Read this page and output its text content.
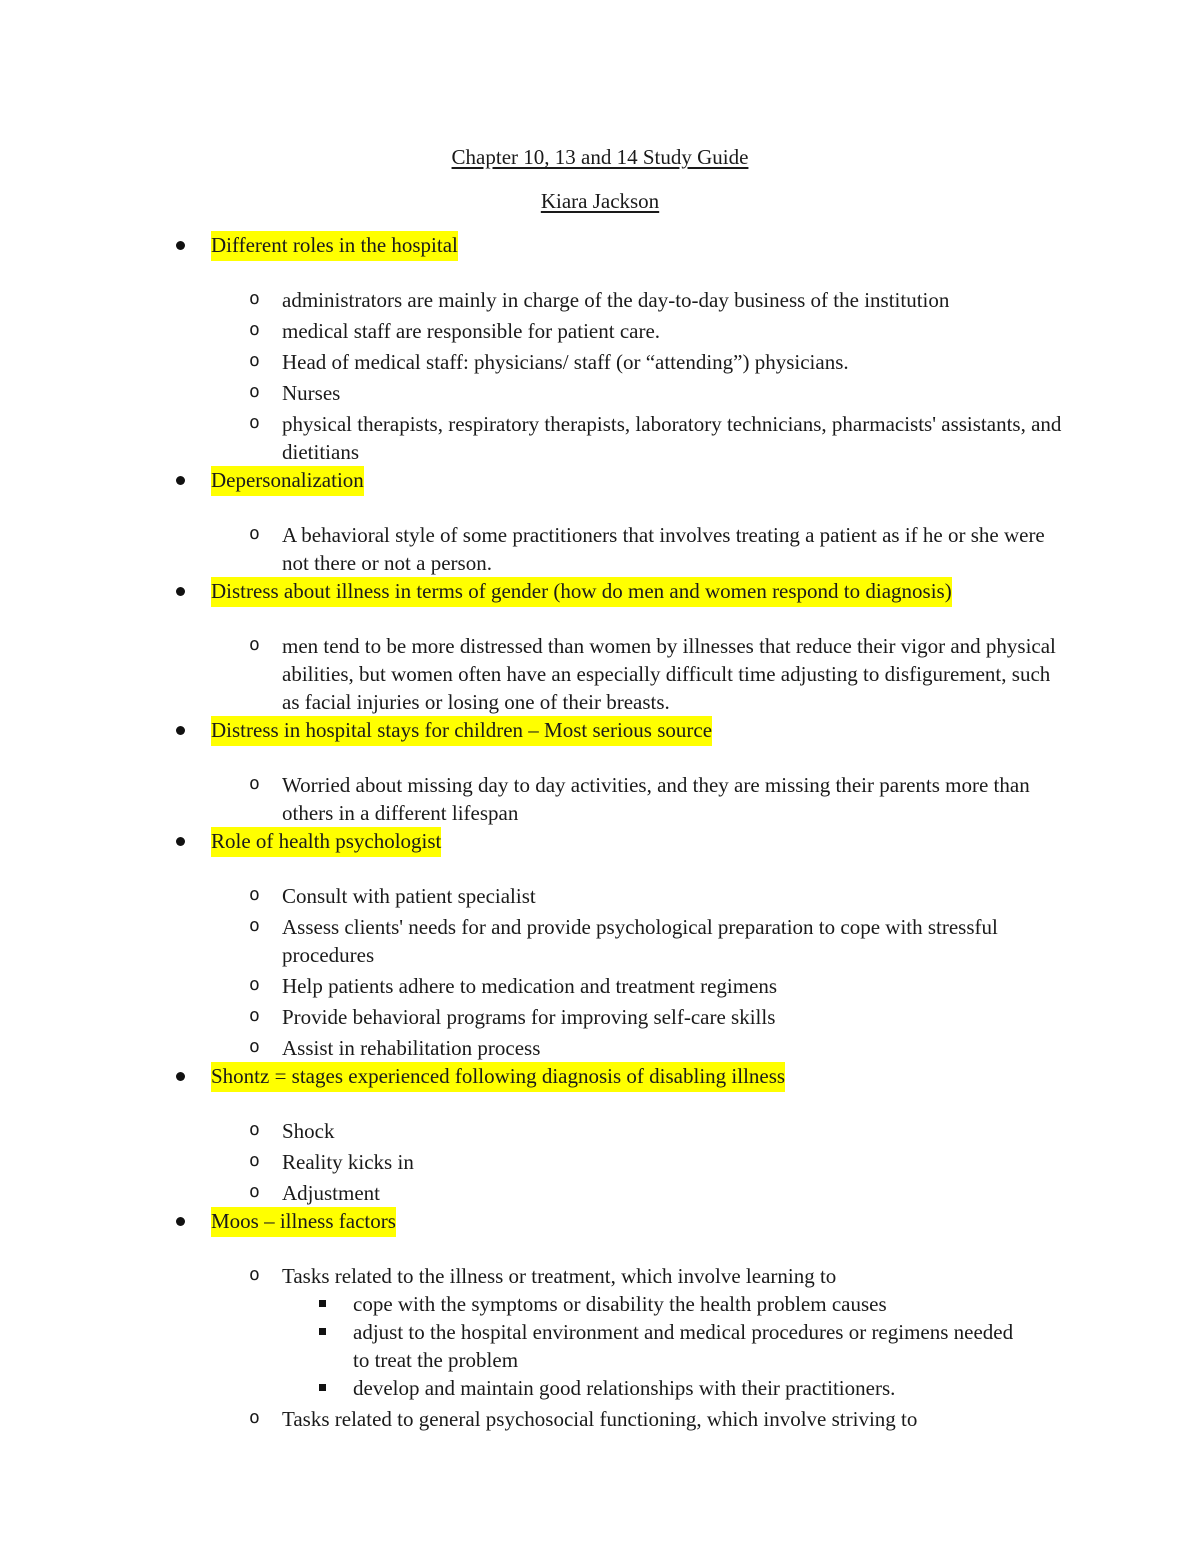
Chapter 10, 13 and 14 Study Guide
Kiara Jackson
Different roles in the hospital
o administrators are mainly in charge of the day-to-day business of the institution
o medical staff are responsible for patient care.
o Head of medical staff: physicians/ staff (or “attending”) physicians.
o Nurses
o physical therapists, respiratory therapists, laboratory technicians, pharmacists' assistants, and dietitians
Depersonalization
o A behavioral style of some practitioners that involves treating a patient as if he or she were not there or not a person.
Distress about illness in terms of gender (how do men and women respond to diagnosis)
o men tend to be more distressed than women by illnesses that reduce their vigor and physical abilities, but women often have an especially difficult time adjusting to disfigurement, such as facial injuries or losing one of their breasts.
Distress in hospital stays for children – Most serious source
o Worried about missing day to day activities, and they are missing their parents more than others in a different lifespan
Role of health psychologist
o Consult with patient specialist
o Assess clients' needs for and provide psychological preparation to cope with stressful procedures
o Help patients adhere to medication and treatment regimens
o Provide behavioral programs for improving self-care skills
o Assist in rehabilitation process
Shontz = stages experienced following diagnosis of disabling illness
o Shock
o Reality kicks in
o Adjustment
Moos – illness factors
o Tasks related to the illness or treatment, which involve learning to
cope with the symptoms or disability the health problem causes
adjust to the hospital environment and medical procedures or regimens needed to treat the problem
develop and maintain good relationships with their practitioners.
o Tasks related to general psychosocial functioning, which involve striving to
